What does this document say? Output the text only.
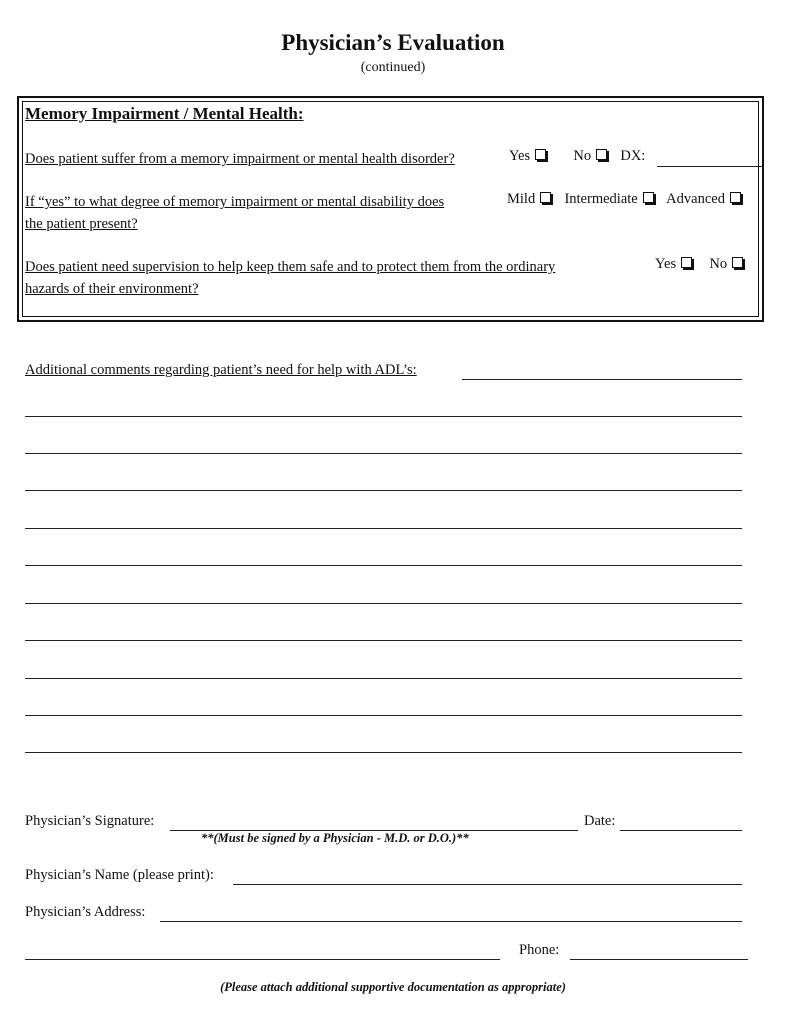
Physician’s Evaluation
(continued)
Memory Impairment / Mental Health:
Does patient suffer from a memory impairment or mental health disorder?	Yes	No DX:
If “yes” to what degree of memory impairment or mental disability does
the patient present?
Mild Intermediate Advanced
Does patient need supervision to help keep them safe and to protect them from the ordinary
hazards of their environment?
Yes No
Additional comments regarding patient’s need for help with ADL’s:
Physician’s Signature:	Date:
**(Must be signed by a Physician - M.D. or D.O.)**
Physician’s Name (please print):
Physician’s Address:
Phone:
(Please attach additional supportive documentation as appropriate)
